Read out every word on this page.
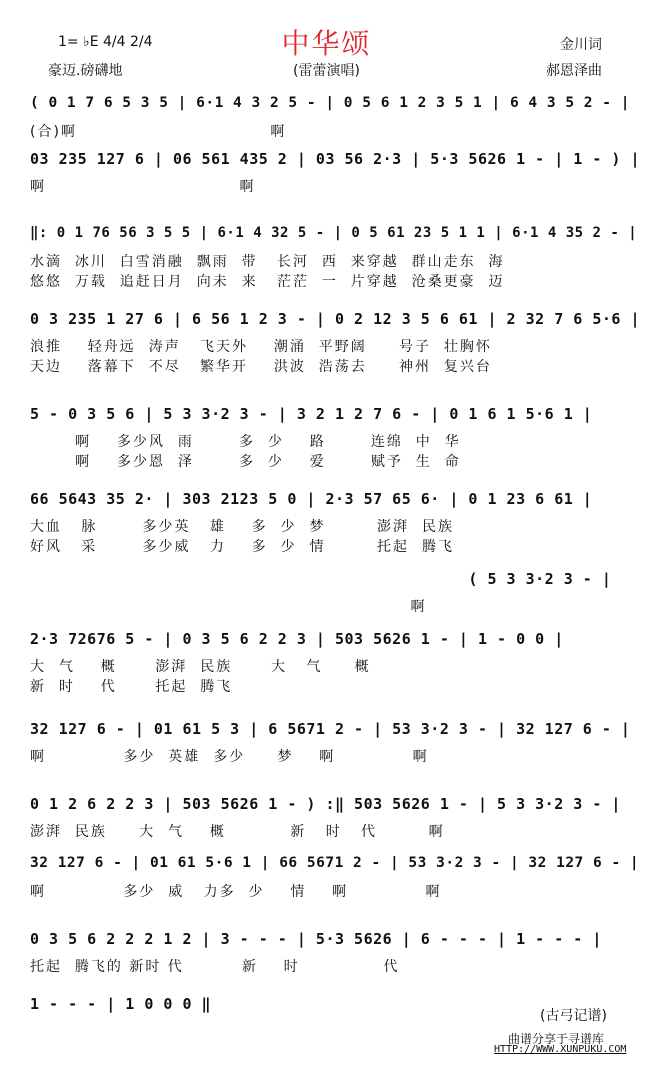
1= ♭E 4/4 2/4
豪迈.磅礴地
中华颂
(雷蕾演唱)
金川词
郝恩泽曲
( 0 1 7 6 5 3 5 | 6·1 4 3 2 5 - | 0 5 6 1 2 3 5 1 | 6 4 3 5 2 - |
(合)啊                              啊
03 235 127 6 | 06 561 435 2 | 03 56 2·3 | 5·3 5626 1 - | 1 - ) |
啊                              啊
‖: 0 1 76 56 3 5 5 | 6·1 4 32 5 - | 0 5 61 23 5 1 1 | 6·1 4 35 2 - |
水滴  冰川  白雪消融  飘雨  带   长河  西  来穿越  群山走东  海
悠悠  万载  追赶日月  向未  来   茫茫  一  片穿越  沧桑更豪  迈
0 3 235 1 27 6 | 6 56 1 2 3 - | 0 2 12 3 5 6 61 | 2 32 7 6 5·6 |
浪推    轻舟远  涛声   飞天外    潮涌  平野阔     号子  壮胸怀
天边    落幕下  不尽   繁华开    洪波  浩荡去     神州  复兴台
5 - 0 3 5 6 | 5 3 3·2 3 - | 3 2 1 2 7 6 - | 0 1 6 1 5·6 1 |
啊    多少风  雨       多  少    路       连绵  中  华
啊    多少恩  泽       多  少    爱       赋予  生  命
66 5643 35 2· | 303 2123 5 0 | 2·3 57 65 6· | 0 1 23 6 61 |
大血   脉       多少英   雄    多  少  梦        澎湃  民族
好风   采       多少威   力    多  少  情        托起  腾飞
( 5 3 3·2 3 - |
啊
2·3 72676 5 - | 0 3 5 6 2 2 3 | 503 5626 1 - | 1 - 0 0 |
大  气    概      澎湃  民族      大   气     概
新  时    代      托起  腾飞
32 127 6 - | 01 61 5 3 | 6 5671 2 - | 53 3·2 3 - | 32 127 6 - |
啊            多少  英雄  多少     梦    啊            啊
0 1 2 6 2 2 3 | 503 5626 1 - ) :‖ 503 5626 1 - | 5 3 3·2 3 - |
澎湃  民族     大  气    概          新   时   代        啊
32 127 6 - | 01 61 5·6 1 | 66 5671 2 - | 53 3·2 3 - | 32 127 6 - |
啊            多少  威   力多  少    情    啊            啊
0 3 5 6 2 2 2 1 2 | 3 - - - | 5·3 5626 | 6 - - - | 1 - - - |
托起  腾飞的 新时 代         新    时             代
1 - - - | 1 0 0 0 ‖
(古弓记谱)
曲谱分享于寻谱库
HTTP://WWW.XUNPUKU.COM
